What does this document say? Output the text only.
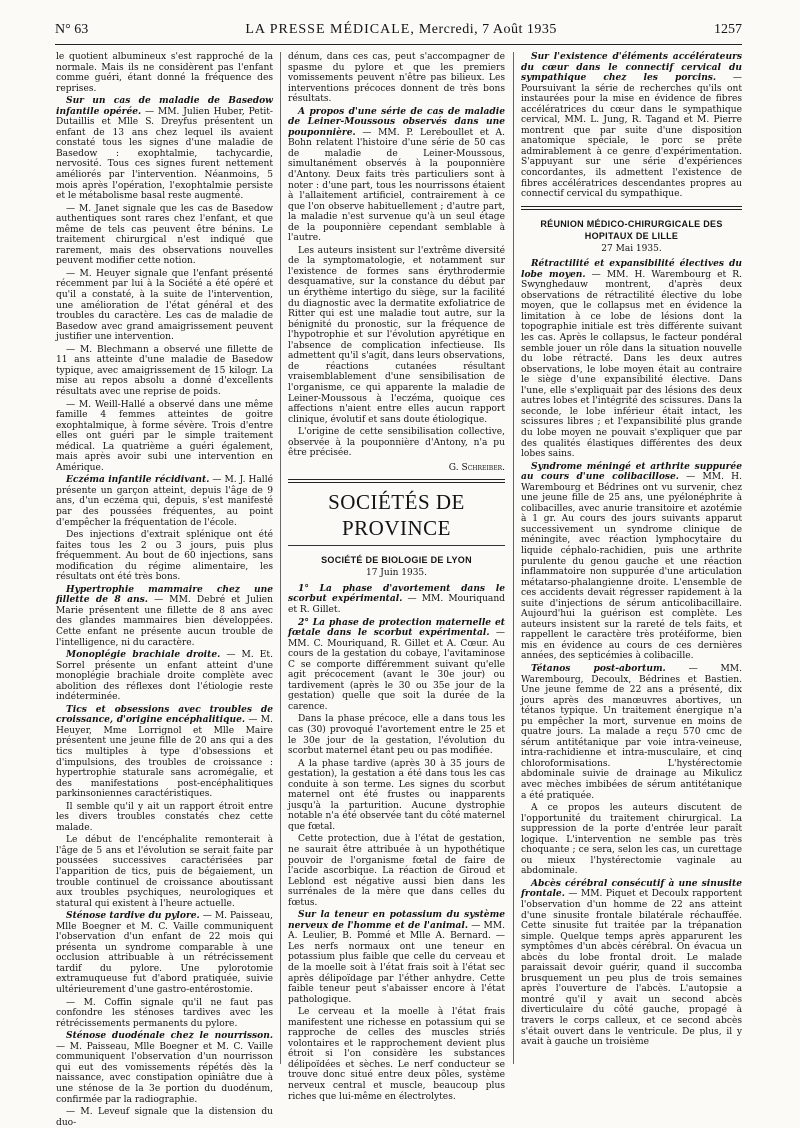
N° 63	LA PRESSE MÉDICALE, Mercredi, 7 Août 1935	1257

le quotient albumineux s'est rapproché de la normale. Mais ils ne considèrent pas l'enfant comme guéri, étant donné la fréquence des reprises.

Sur un cas de maladie de Basedow infantile opérée. — MM. Julien Huber, Petit-Dutaillis et Mlle S. Dreyfus présentent un enfant de 13 ans chez lequel ils avaient constaté tous les signes d'une maladie de Basedow : exophtalmie, tachycardie, nervosité. Tous ces signes furent nettement améliorés par l'intervention. Néanmoins, 5 mois après l'opération, l'exophtalmie persiste et le métabolisme basal reste augmenté.

— M. Janet signale que les cas de Basedow authentiques sont rares chez l'enfant, et que même de tels cas peuvent être bénins. Le traitement chirurgical n'est indiqué que rarement, mais des observations nouvelles peuvent modifier cette notion.

— M. Heuyer signale que l'enfant présenté récemment par lui à la Société a été opéré et qu'il a constaté, à la suite de l'intervention, une amélioration de l'état général et des troubles du caractère. Les cas de maladie de Basedow avec grand amaigrissement peuvent justifier une intervention.

— M. Blechmann a observé une fillette de 11 ans atteinte d'une maladie de Basedow typique, avec amaigrissement de 15 kilogr. La mise au repos absolu a donné d'excellents résultats avec une reprise de poids.

— M. Weill-Hallé a observé dans une même famille 4 femmes atteintes de goitre exophtalmique, à forme sévère. Trois d'entre elles ont guéri par le simple traitement médical. La quatrième a guéri également, mais après avoir subi une intervention en Amérique.

Eczéma infantile récidivant. — M. J. Hallé présente un garçon atteint, depuis l'âge de 9 ans, d'un eczéma qui, depuis, s'est manifesté par des poussées fréquentes, au point d'empêcher la fréquentation de l'école.

Des injections d'extrait splénique ont été faites tous les 2 ou 3 jours, puis plus fréquemment. Au bout de 60 injections, sans modification du régime alimentaire, les résultats ont été très bons.

Hypertrophie mammaire chez une fillette de 8 ans. — MM. Debré et Julien Marie présentent une fillette de 8 ans avec des glandes mammaires bien développées. Cette enfant ne présente aucun trouble de l'intelligence, ni du caractère.

Monoplégie brachiale droite. — M. Et. Sorrel présente un enfant atteint d'une monoplégie brachiale droite complète avec abolition des réflexes dont l'étiologie reste indéterminée.

Tics et obsessions avec troubles de croissance, d'origine encéphalitique. — M. Heuyer, Mme Lorrignol et Mlle Maire présentent une jeune fille de 20 ans qui a des tics multiples à type d'obsessions et d'impulsions, des troubles de croissance : hypertrophie staturale sans acromégalie, et des manifestations post-encéphalitiques parkinsoniennes caractéristiques.

Il semble qu'il y ait un rapport étroit entre les divers troubles constatés chez cette malade.

Le début de l'encéphalite remonterait à l'âge de 5 ans et l'évolution se serait faite par poussées successives caractérisées par l'apparition de tics, puis de bégaiement, un trouble continuel de croissance aboutissant aux troubles psychiques, neurologiques et statural qui existent à l'heure actuelle.

Sténose tardive du pylore. — M. Paisseau, Mlle Boegner et M. C. Vaille communiquent l'observation d'un enfant de 22 mois qui présenta un syndrome comparable à une occlusion attribuable à un rétrécissement tardif du pylore. Une pylorotomie extramuqueuse fut d'abord pratiquée, suivie ultérieurement d'une gastro-entérostomie.

— M. Coffin signale qu'il ne faut pas confondre les sténoses tardives avec les rétrécissements permanents du pylore.

Sténose duodénale chez le nourrisson. — M. Paisseau, Mlle Boegner et M. C. Vaille communiquent l'observation d'un nourrisson qui eut des vomissements répétés dès la naissance, avec constipation opiniâtre due à une sténose de la 3e portion du duodénum, confirmée par la radiographie.

— M. Leveuf signale que la distension du duo-

dénum, dans ces cas, peut s'accompagner de spasme du pylore et que les premiers vomissements peuvent n'être pas bilieux. Les interventions précoces donnent de très bons résultats.

A propos d'une série de cas de maladie de Leiner-Moussous observés dans une pouponnière. — MM. P. Lereboullet et A. Bohn relatent l'histoire d'une série de 50 cas de maladie de Leiner-Moussous, simultanément observés à la pouponnière d'Antony. Deux faits très particuliers sont à noter : d'une part, tous les nourrissons étaient à l'allaitement artificiel, contrairement à ce que l'on observe habituellement ; d'autre part, la maladie n'est survenue qu'à un seul étage de la pouponnière cependant semblable à l'autre.

Les auteurs insistent sur l'extrême diversité de la symptomatologie, et notamment sur l'existence de formes sans érythrodermie desquamative, sur la constance du début par un érythème intertigo du siège, sur la facilité du diagnostic avec la dermatite exfoliatrice de Ritter qui est une maladie tout autre, sur la bénignité du pronostic, sur la fréquence de l'hypotrophie et sur l'évolution apyrétique en l'absence de complication infectieuse. Ils admettent qu'il s'agit, dans leurs observations, de réactions cutanées résultant vraisemblablement d'une sensibilisation de l'organisme, ce qui apparente la maladie de Leiner-Moussous à l'eczéma, quoique ces affections n'aient entre elles aucun rapport clinique, évolutif et sans doute étiologique.

L'origine de cette sensibilisation collective, observée à la pouponnière d'Antony, n'a pu être précisée.

G. Schreiber.
SOCIÉTÉS DE PROVINCE
SOCIÉTÉ DE BIOLOGIE DE LYON
17 Juin 1935.

1° La phase d'avortement dans le scorbut expérimental. — MM. Mouriquand et R. Gillet.

2° La phase de protection maternelle et fœtale dans le scorbut expérimental. — MM. C. Mouriquand, R. Gillet et A. Cœur. Au cours de la gestation du cobaye, l'avitaminose C se comporte différemment suivant qu'elle agit précocement (avant le 30e jour) ou tardivement (après le 30 ou 35e jour de la gestation) quelle que soit la durée de la carence.

Dans la phase précoce, elle a dans tous les cas (30) provoqué l'avortement entre le 25 et le 30e jour de la gestation, l'évolution du scorbut maternel étant peu ou pas modifiée.

A la phase tardive (après 30 à 35 jours de gestation), la gestation a été dans tous les cas conduite à son terme. Les signes du scorbut maternel ont été frustes ou inapparents jusqu'à la parturition. Aucune dystrophie notable n'a été observée tant du côté maternel que fœtal.

Cette protection, due à l'état de gestation, ne saurait être attribuée à un hypothétique pouvoir de l'organisme fœtal de faire de l'acide ascorbique. La réaction de Giroud et Leblond est négative aussi bien dans les surrénales de la mère que dans celles du fœtus.

Sur la teneur en potassium du système nerveux de l'homme et de l'animal. — MM. A. Leulier, B. Pommé et Mlle A. Bernard. — Les nerfs normaux ont une teneur en potassium plus faible que celle du cerveau et de la moelle soit à l'état frais soit à l'état sec après délipoïdage par l'éther anhydre. Cette faible teneur peut s'abaisser encore à l'état pathologique.

Le cerveau et la moelle à l'état frais manifestent une richesse en potassium qui se rapproche de celles des muscles striés volontaires et le rapprochement devient plus étroit si l'on considère les substances délipoïdées et sèches. Le nerf conducteur se trouve donc situé entre deux pôles, système nerveux central et muscle, beaucoup plus riches que lui-même en électrolytes.

Sur l'existence d'éléments accélérateurs du cœur dans le connectif cervical du sympathique chez les porcins. — Poursuivant la série de recherches qu'ils ont instaurées pour la mise en évidence de fibres accélératrices du cœur dans le sympathique cervical, MM. L. Jung, R. Tagand et M. Pierre montrent que par suite d'une disposition anatomique spéciale, le porc se prête admirablement à ce genre d'expérimentation. S'appuyant sur une série d'expériences concordantes, ils admettent l'existence de fibres accélératrices descendantes propres au connectif cervical du sympathique.

RÉUNION MÉDICO-CHIRURGICALE DES HOPITAUX DE LILLE
27 Mai 1935.

Rétractilité et expansibilité électives du lobe moyen. — MM. H. Warembourg et R. Swynghedauw montrent, d'après deux observations de rétractilité élective du lobe moyen, que le collapsus met en évidence la limitation à ce lobe de lésions dont la topographie initiale est très différente suivant les cas. Après le collapsus, le facteur pondéral semble jouer un rôle dans la situation nouvelle du lobe rétracté. Dans les deux autres observations, le lobe moyen était au contraire le siège d'une expansibilité élective. Dans l'une, elle s'expliquait par des lésions des deux autres lobes et l'intégrité des scissures. Dans la seconde, le lobe inférieur était intact, les scissures libres ; et l'expansibilité plus grande du lobe moyen ne pouvait s'expliquer que par des qualités élastiques différentes des deux lobes sains.

Syndrome méningé et arthrite suppurée au cours d'une colibacillose. — MM. H. Warembourg et Bédrines ont vu survenir, chez une jeune fille de 25 ans, une pyélonéphrite à colibacilles, avec anurie transitoire et azotémie à 1 gr. Au cours des jours suivants apparut successivement un syndrome clinique de méningite, avec réaction lymphocytaire du liquide céphalo-rachidien, puis une arthrite purulente du genou gauche et une réaction inflammatoire non suppurée d'une articulation métatarso-phalangienne droite. L'ensemble de ces accidents devait régresser rapidement à la suite d'injections de sérum anticolibacillaire. Aujourd'hui la guérison est complète. Les auteurs insistent sur la rareté de tels faits, et rappellent le caractère très protéiforme, bien mis en évidence au cours de ces dernières années, des septicémies à colibacille.

Tétanos post-abortum. — MM. Warembourg, Decoulx, Bédrines et Bastien. Une jeune femme de 22 ans a présenté, dix jours après des manœuvres abortives, un tétanos typique. Un traitement énergique n'a pu empêcher la mort, survenue en moins de quatre jours. La malade a reçu 570 cmc de sérum antitétanique par voie intra-veineuse, intra-rachidienne et intra-musculaire, et cinq chloroformisations. L'hystérectomie abdominale suivie de drainage au Mikulicz avec mèches imbibées de sérum antitétanique a été pratiquée.

A ce propos les auteurs discutent de l'opportunité du traitement chirurgical. La suppression de la porte d'entrée leur paraît logique. L'intervention ne semble pas très choquante ; ce sera, selon les cas, un curettage ou mieux l'hystérectomie vaginale au abdominale.

Abcès cérébral consécutif à une sinusite frontale. — MM. Piquet et Decoulx rapportent l'observation d'un homme de 22 ans atteint d'une sinusite frontale bilatérale réchauffée. Cette sinusite fut traitée par la trépanation simple. Quelque temps après apparurent les symptômes d'un abcès cérébral. On évacua un abcès du lobe frontal droit. Le malade paraissait devoir guérir, quand il succomba brusquement un peu plus de trois semaines après l'ouverture de l'abcès. L'autopsie a montré qu'il y avait un second abcès diverticulaire du côté gauche, propagé à travers le corps calleux, et ce second abcès s'était ouvert dans le ventricule. De plus, il y avait à gauche un troisième
